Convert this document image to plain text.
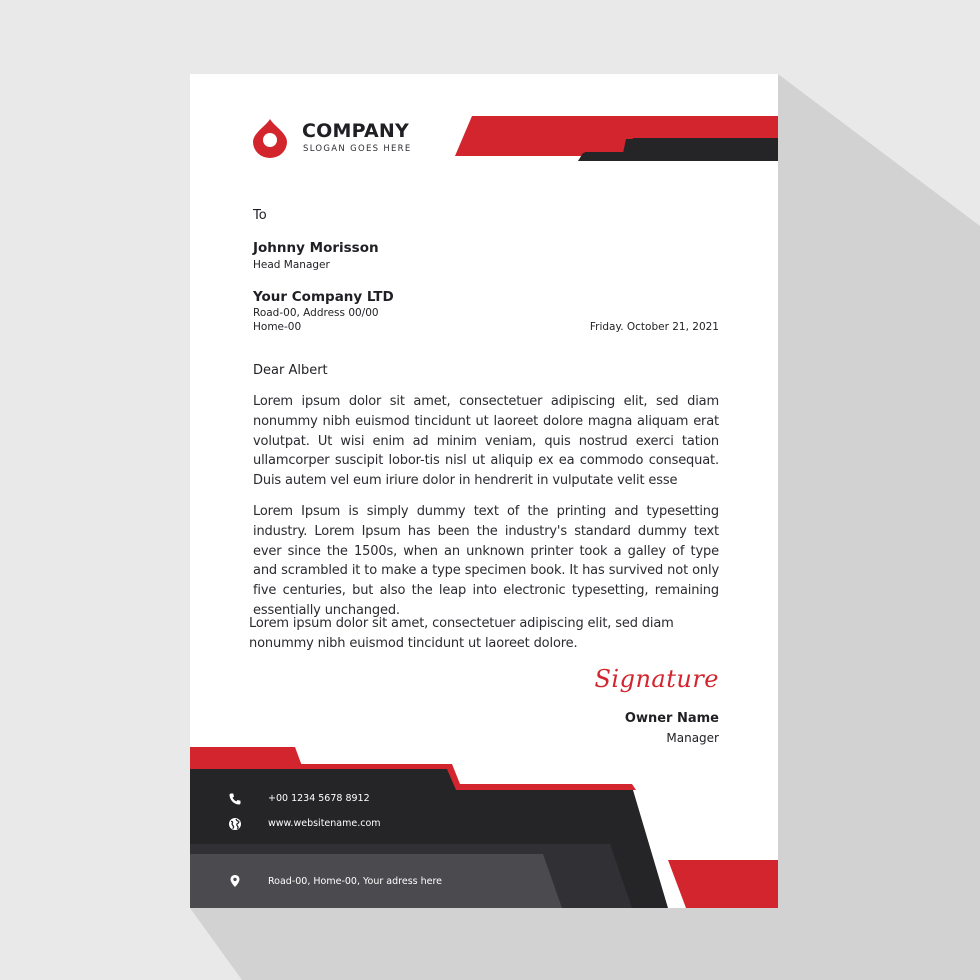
COMPANY
SLOGAN GOES HERE
To
Johnny Morisson
Head Manager
Your Company LTD
Road-00, Address 00/00
Home-00	Friday. October 21, 2021
Dear Albert
Lorem ipsum dolor sit amet, consectetuer adipiscing elit, sed diam nonummy nibh euismod tincidunt ut laoreet dolore magna aliquam erat volutpat. Ut wisi enim ad minim veniam, quis nostrud exerci tation ullamcorper suscipit lobor-tis nisl ut aliquip ex ea commodo consequat. Duis autem vel eum iriure dolor in hendrerit in vulputate velit esse
Lorem Ipsum is simply dummy text of the printing and typesetting industry. Lorem Ipsum has been the industry's standard dummy text ever since the 1500s, when an unknown printer took a galley of type and scrambled it to make a type specimen book. It has survived not only five centuries, but also the leap into electronic typesetting, remaining essentially unchanged.
Lorem ipsum dolor sit amet, consectetuer adipiscing elit, sed diam nonummy nibh euismod tincidunt ut laoreet dolore.
Signature
Owner Name
Manager
+00 1234 5678 8912
www.websitename.com
Road-00, Home-00, Your adress here
